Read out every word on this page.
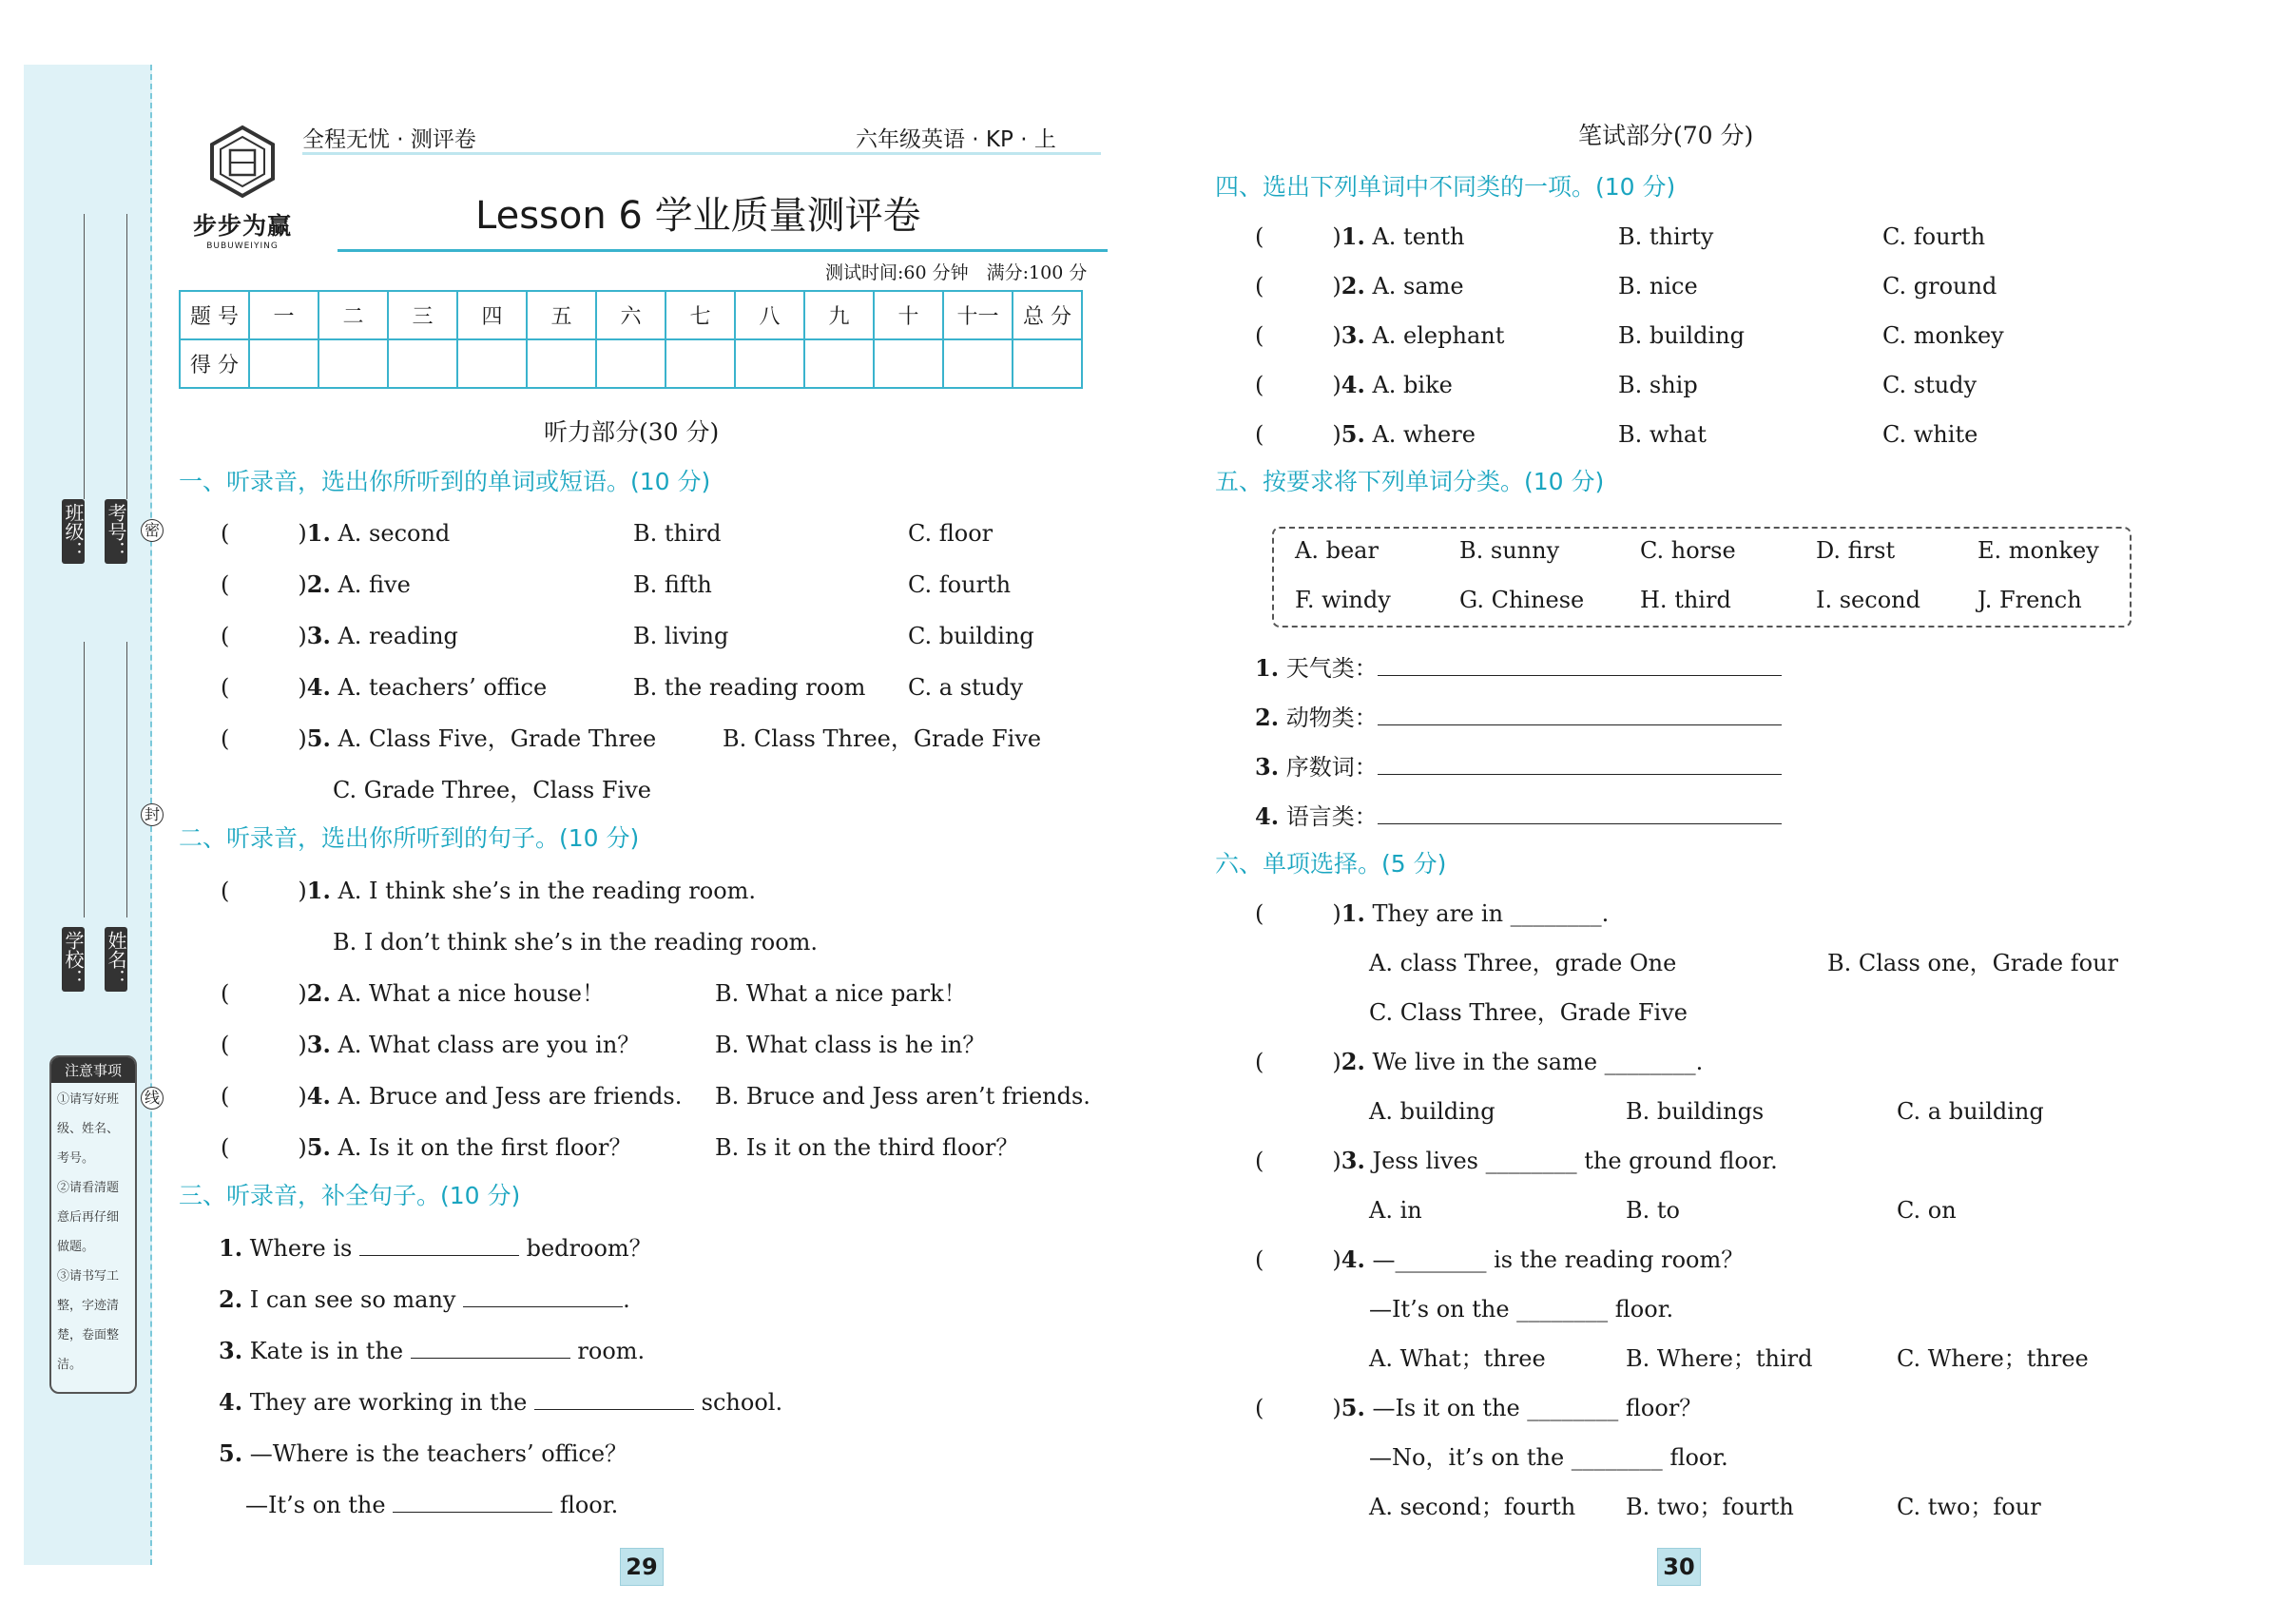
班级： 考号： 密
封
线
学校： 姓名：
注意事项
①请写好班
级、姓名、
考号。
②请看清题
意后再仔细
做题。
③请书写工
整，字迹清
楚，卷面整
洁。
步步为赢
BUBUWEIYING
全程无忧 · 测评卷	六年级英语 · KP · 上
Lesson 6 学业质量测评卷
测试时间:60 分钟　满分:100 分
题 号	一	二	三	四	五	六	七	八	九	十	十一	总 分
得 分												
听力部分(30 分)
一、听录音，选出你所听到的单词或短语。(10 分)
(	)1. A. second	B. third	C. floor
(	)2. A. five	B. fifth	C. fourth
(	)3. A. reading	B. living	C. building
(	)4. A. teachers’ office	B. the reading room C. a study
(	)5. A. Class Five，Grade Three	B. Class Three，Grade Five
C. Grade Three，Class Five
二、听录音，选出你所听到的句子。(10 分)
(	)1. A. I think she’s in the reading room.
B. I don’t think she’s in the reading room.
(	)2. A. What a nice house！	B. What a nice park！
(	)3. A. What class are you in？	B. What class is he in？
(	)4. A. Bruce and Jess are friends. B. Bruce and Jess aren’t friends.
(	)5. A. Is it on the first floor？	B. Is it on the third floor？
三、听录音，补全句子。(10 分)
1. Where is	bedroom？
2. I can see so many	.
3. Kate is in the	room.
4. They are working in the	school.
5. —Where is the teachers’ office？
—It’s on the	floor.
29
笔试部分(70 分)
四、选出下列单词中不同类的一项。(10 分)
(	)1. A. tenth	B. thirty	C. fourth
(	)2. A. same	B. nice	C. ground
(	)3. A. elephant	B. building	C. monkey
(	)4. A. bike	B. ship	C. study
(	)5. A. where	B. what	C. white
五、按要求将下列单词分类。(10 分)
A. bear	B. sunny	C. horse	D. first	E. monkey
F. windy	G. Chinese H. third	I. second	J. French
1. 天气类：
2. 动物类：
3. 序数词：
4. 语言类：
六、单项选择。(5 分)
(	)1. They are in ________.
A. class Three，grade One	B. Class one，Grade four
C. Class Three，Grade Five
(	)2. We live in the same ________.
A. building	B. buildings	C. a building
(	)3. Jess lives ________ the ground floor.
A. in	B. to	C. on
(	)4. —________ is the reading room？
—It’s on the ________ floor.
A. What；three	B. Where；third	C. Where；three
(	)5. —Is it on the ________ floor？
—No，it’s on the ________ floor.
A. second；fourth B. two；fourth	C. two；four
30
